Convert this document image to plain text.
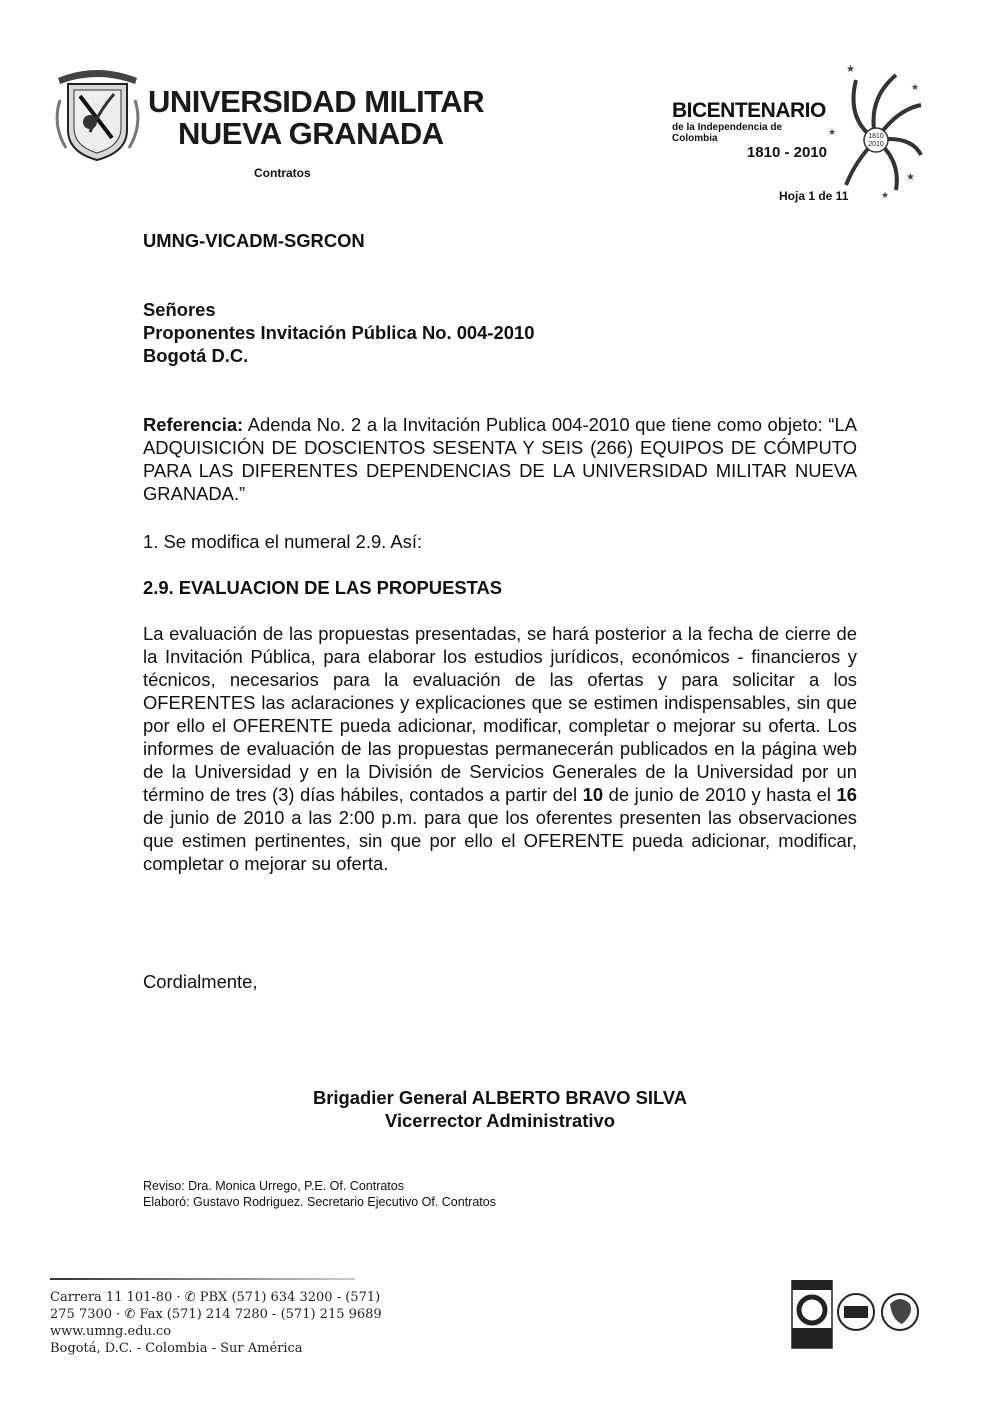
UNIVERSIDAD MILITAR
NUEVA GRANADA
Contratos
BICENTENARIO
de la Independencia de Colombia
1810 - 2010
1810
2010
★
★
★
★
★
Hoja 1 de 11
UMNG-VICADM-SGRCON

Señores

Proponentes Invitación Pública No. 004-2010

Bogotá D.C.

Referencia: Adenda No. 2 a la Invitación Publica 004-2010 que tiene como objeto: “LA ADQUISICIÓN DE DOSCIENTOS SESENTA Y SEIS (266) EQUIPOS DE CÓMPUTO PARA LAS DIFERENTES DEPENDENCIAS DE LA UNIVERSIDAD MILITAR NUEVA GRANADA.”

1. Se modifica el numeral 2.9. Así:

2.9. EVALUACION DE LAS PROPUESTAS

La evaluación de las propuestas presentadas, se hará posterior a la fecha de cierre de la Invitación Pública, para elaborar los estudios jurídicos, económicos - financieros y técnicos, necesarios para la evaluación de las ofertas y para solicitar a los OFERENTES las aclaraciones y explicaciones que se estimen indispensables, sin que por ello el OFERENTE pueda adicionar, modificar, completar o mejorar su oferta. Los informes de evaluación de las propuestas permanecerán publicados en la página web de la Universidad y en la División de Servicios Generales de la Universidad por un término de tres (3) días hábiles, contados a partir del 10 de junio de 2010 y hasta el 16 de junio de 2010 a las 2:00 p.m. para que los oferentes presenten las observaciones que estimen pertinentes, sin que por ello el OFERENTE pueda adicionar, modificar, completar o mejorar su oferta.

Cordialmente,

Brigadier General ALBERTO BRAVO SILVA

Vicerrector Administrativo

Reviso: Dra. Monica Urrego, P.E. Of. Contratos

Elaboró: Gustavo Rodriguez. Secretario Ejecutivo Of. Contratos

Carrera 11 101-80 · ✆ PBX (571) 634 3200 - (571)

275 7300 · ✆ Fax (571) 214 7280 - (571) 215 9689

www.umng.edu.co

Bogotá, D.C. - Colombia - Sur América
